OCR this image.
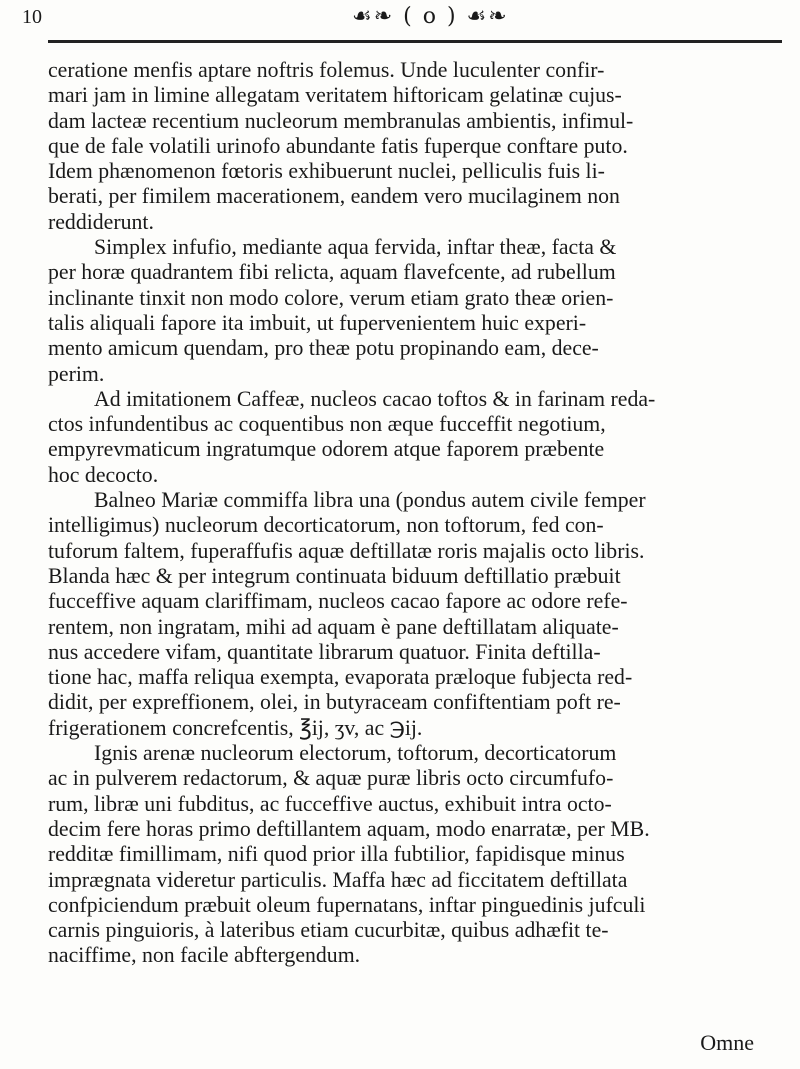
10	☙❧ ( o ) ☙❧
ceratione menfis aptare noftris folemus. Unde luculenter confir-
mari jam in limine allegatam veritatem hiftoricam gelatinæ cujus-
dam lacteæ recentium nucleorum membranulas ambientis, infimul-
que de fale volatili urinofo abundante fatis fuperque conftare puto.
Idem phænomenon fœtoris exhibuerunt nuclei, pelliculis fuis li-
berati, per fimilem macerationem, eandem vero mucilaginem non
reddiderunt.
Simplex infufio, mediante aqua fervida, inftar theæ, facta &
per horæ quadrantem fibi relicta, aquam flavefcente, ad rubellum
inclinante tinxit non modo colore, verum etiam grato theæ orien-
talis aliquali fapore ita imbuit, ut fupervenientem huic experi-
mento amicum quendam, pro theæ potu propinando eam, dece-
perim.
Ad imitationem Caffeæ, nucleos cacao toftos & in farinam reda-
ctos infundentibus ac coquentibus non æque fucceffit negotium,
empyrevmaticum ingratumque odorem atque faporem præbente
hoc decocto.
Balneo Mariæ commiffa libra una (pondus autem civile femper
intelligimus) nucleorum decorticatorum, non toftorum, fed con-
tuforum faltem, fuperaffufis aquæ deftillatæ roris majalis octo libris.
Blanda hæc & per integrum continuata biduum deftillatio præbuit
fucceffive aquam clariffimam, nucleos cacao fapore ac odore refe-
rentem, non ingratam, mihi ad aquam è pane deftillatam aliquate-
nus accedere vifam, quantitate librarum quatuor. Finita deftilla-
tione hac, maffa reliqua exempta, evaporata præloque fubjecta red-
didit, per expreffionem, olei, in butyraceam confiftentiam poft re-
frigerationem concrefcentis, ℥ij, ʒv, ac ℈ij.
Ignis arenæ nucleorum electorum, toftorum, decorticatorum
ac in pulverem redactorum, & aquæ puræ libris octo circumfufo-
rum, libræ uni fubditus, ac fucceffive auctus, exhibuit intra octo-
decim fere horas primo deftillantem aquam, modo enarratæ, per MB.
redditæ fimillimam, nifi quod prior illa fubtilior, fapidisque minus
imprægnata videretur particulis. Maffa hæc ad ficcitatem deftillata
confpiciendum præbuit oleum fupernatans, inftar pinguedinis jufculi
carnis pinguioris, à lateribus etiam cucurbitæ, quibus adhæfit te-
naciffime, non facile abftergendum.
Omne
